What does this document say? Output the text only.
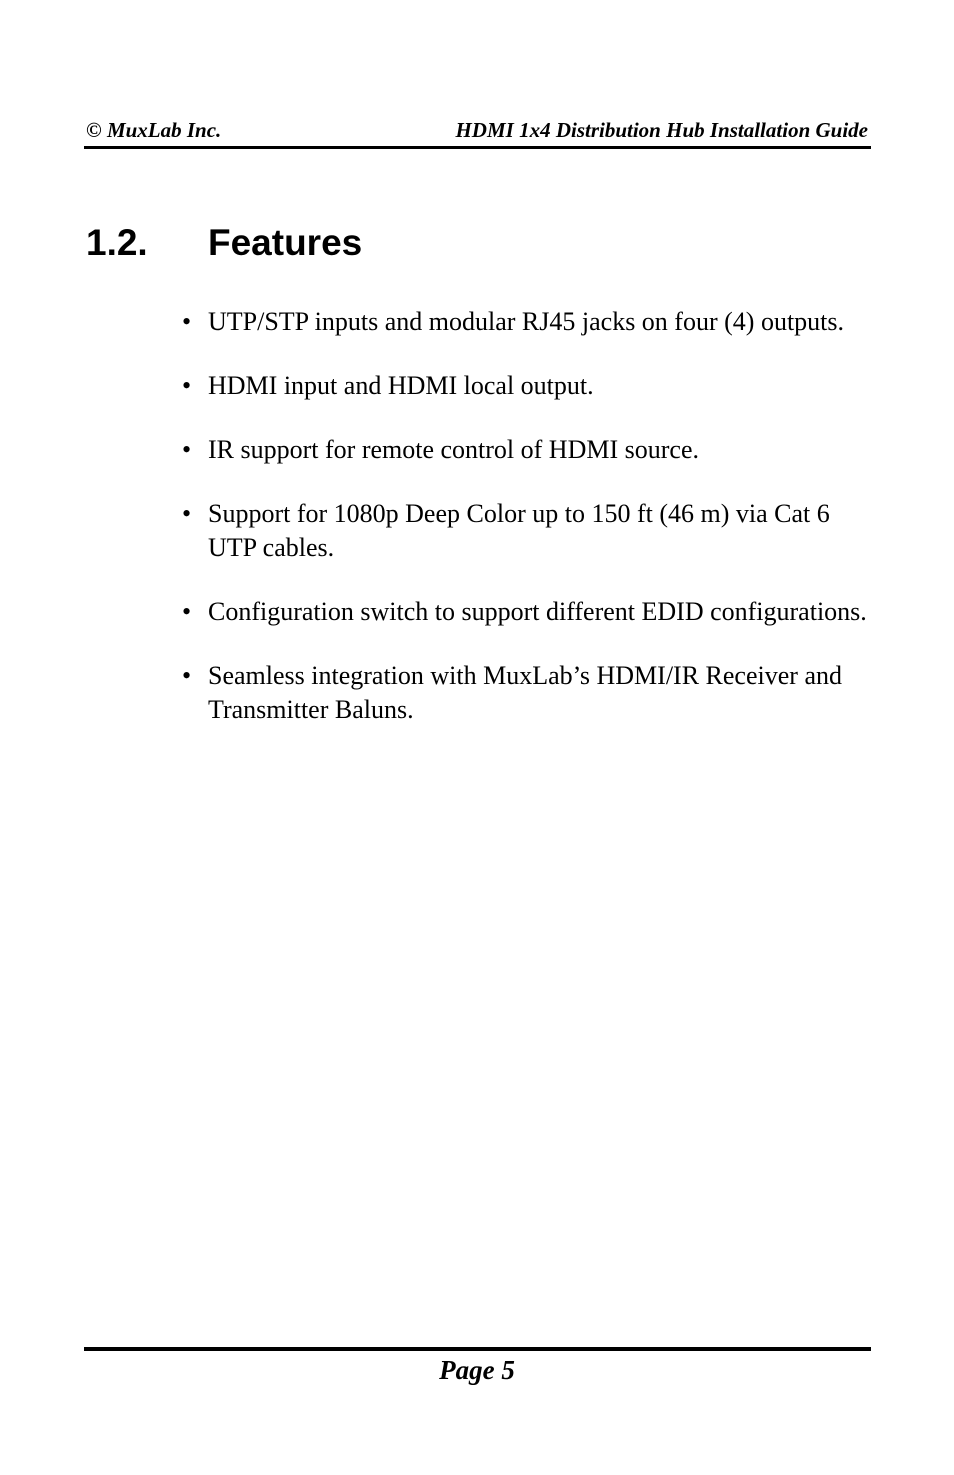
© MuxLab Inc.	HDMI 1x4 Distribution Hub Installation Guide
1.2. Features
• UTP/STP inputs and modular RJ45 jacks on four (4) outputs.
• HDMI input and HDMI local output.
• IR support for remote control of HDMI source.
• Support for 1080p Deep Color up to 150 ft (46 m) via Cat 6 UTP cables.
• Configuration switch to support different EDID configurations.
• Seamless integration with MuxLab’s HDMI/IR Receiver and Transmitter Baluns.
Page 5
